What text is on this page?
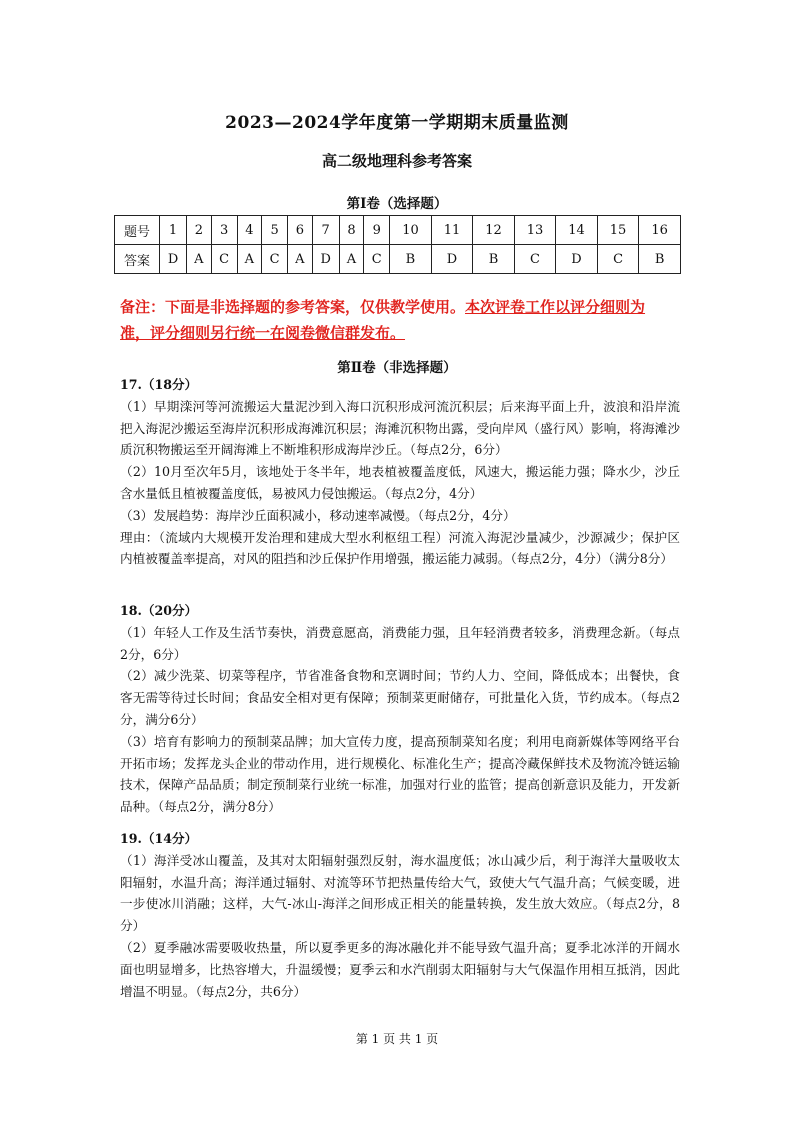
2023—2024学年度第一学期期末质量监测
高二级地理科参考答案
第Ⅰ卷（选择题）
题号	1	2	3	4	5	6	7	8	9	10	11	12	13	14	15	16
答案	D	A	C	A	C	A	D	A	C	B	D	B	C	D	C	B
备注：下面是非选择题的参考答案，仅供教学使用。本次评卷工作以评分细则为
准，评分细则另行统一在阅卷微信群发布。
第Ⅱ卷（非选择题）

17.（18分）

（1）早期滦河等河流搬运大量泥沙到入海口沉积形成河流沉积层；后来海平面上升，波浪和沿岸流把入海泥沙搬运至海岸沉积形成海滩沉积层；海滩沉积物出露，受向岸风（盛行风）影响，将海滩沙质沉积物搬运至开阔海滩上不断堆积形成海岸沙丘。（每点2分，6分）

（2）10月至次年5月，该地处于冬半年，地表植被覆盖度低，风速大，搬运能力强；降水少，沙丘含水量低且植被覆盖度低，易被风力侵蚀搬运。（每点2分，4分）

（3）发展趋势：海岸沙丘面积减小，移动速率减慢。（每点2分，4分）

理由：（流域内大规模开发治理和建成大型水利枢纽工程）河流入海泥沙量减少，沙源减少；保护区内植被覆盖率提高，对风的阻挡和沙丘保护作用增强，搬运能力减弱。（每点2分，4分）（满分8分）

18.（20分）

（1）年轻人工作及生活节奏快，消费意愿高，消费能力强，且年轻消费者较多，消费理念新。（每点2分，6分）

（2）减少洗菜、切菜等程序，节省准备食物和烹调时间；节约人力、空间，降低成本；出餐快，食客无需等待过长时间；食品安全相对更有保障；预制菜更耐储存，可批量化入货，节约成本。（每点2分，满分6分）

（3）培育有影响力的预制菜品牌；加大宣传力度，提高预制菜知名度；利用电商新媒体等网络平台开拓市场；发挥龙头企业的带动作用，进行规模化、标准化生产；提高冷藏保鲜技术及物流冷链运输技术，保障产品品质；制定预制菜行业统一标准，加强对行业的监管；提高创新意识及能力，开发新品种。（每点2分，满分8分）

19.（14分）

（1）海洋受冰山覆盖，及其对太阳辐射强烈反射，海水温度低；冰山减少后，利于海洋大量吸收太阳辐射，水温升高；海洋通过辐射、对流等环节把热量传给大气，致使大气气温升高；气候变暖，进一步使冰川消融；这样，大气-冰山-海洋之间形成正相关的能量转换，发生放大效应。（每点2分，8分）

（2）夏季融冰需要吸收热量，所以夏季更多的海冰融化并不能导致气温升高；夏季北冰洋的开阔水面也明显增多，比热容增大，升温缓慢；夏季云和水汽削弱太阳辐射与大气保温作用相互抵消，因此增温不明显。（每点2分，共6分）

第 1 页 共 1 页
